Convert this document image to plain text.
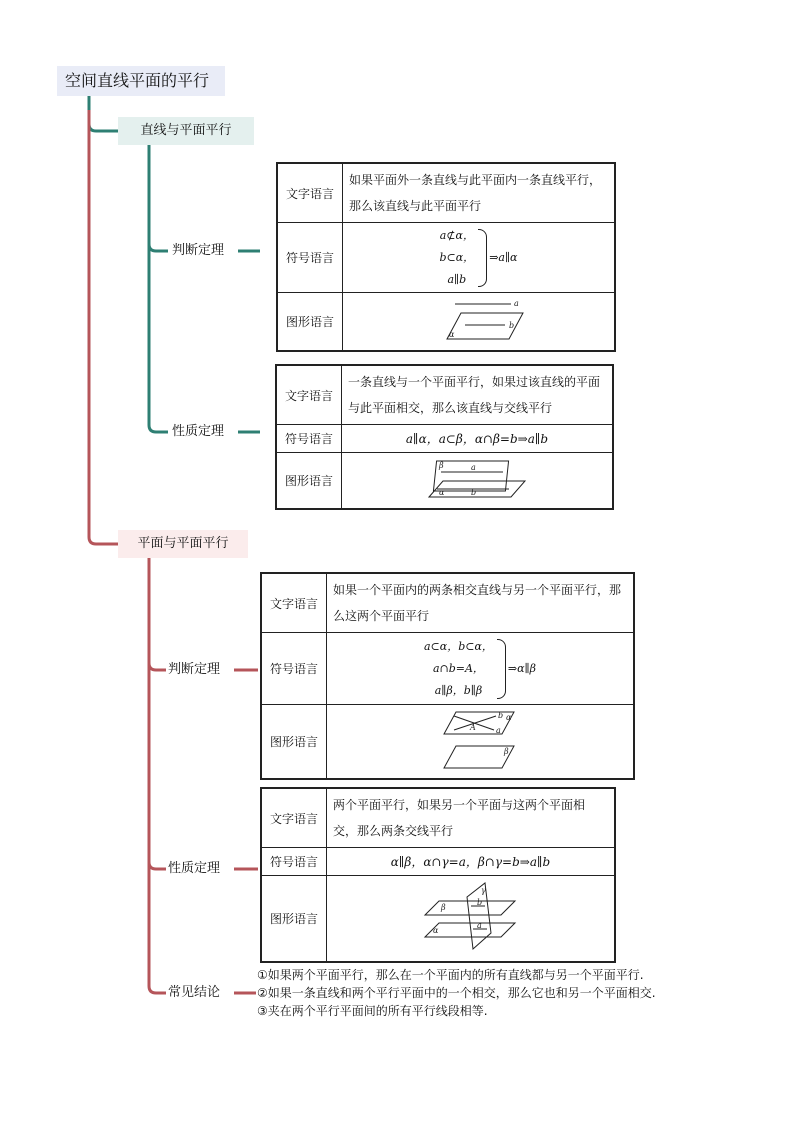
空间直线平面的平行
直线与平面平行
平面与平面平行
判断定理
性质定理
判断定理
性质定理
常见结论
文字语言	如果平面外一条直线与此平面内一条直线平行，那么该直线与此平面平行
符号语言	a⊄α，
b⊂α，
a∥b
⇒a∥α

图形语言	a
b
α
文字语言	一条直线与一个平面平行，如果过该直线的平面与此平面相交，那么该直线与交线平行
符号语言	a∥α，a⊂β，α∩β=b⇒a∥b
图形语言	β a
α b
文字语言	如果一个平面内的两条相交直线与另一个平面平行，那么这两个平面平行
符号语言	a⊂α，b⊂α，
a∩b=A，
a∥β，b∥β
⇒α∥β

图形语言	b α
A a
β
文字语言	两个平面平行，如果另一个平面与这两个平面相交，那么两条交线平行
符号语言	α∥β，α∩γ=a，β∩γ=b⇒a∥b
图形语言	γ
β
b
α
a
①如果两个平面平行，那么在一个平面内的所有直线都与另一个平面平行.
②如果一条直线和两个平行平面中的一个相交，那么它也和另一个平面相交.
③夹在两个平行平面间的所有平行线段相等.
